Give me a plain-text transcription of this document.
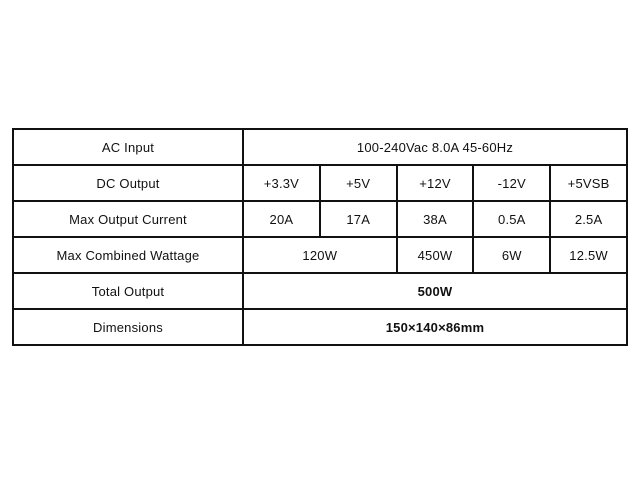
AC Input	100-240Vac 8.0A 45-60Hz				
DC Output	+3.3V	+5V	+12V	-12V	+5VSB
Max Output Current	20A	17A	38A	0.5A	2.5A
Max Combined Wattage	120W		450W	6W	12.5W
Total Output	500W				
Dimensions	150×140×86mm				
